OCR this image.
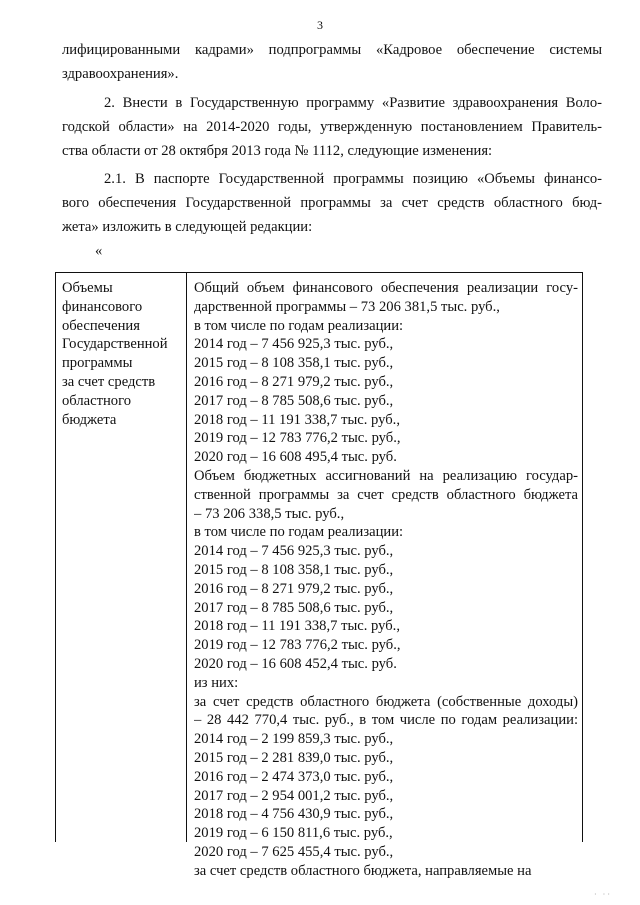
3
лифицированными кадрами» подпрограммы «Кадровое обеспечение системы
здравоохранения».
2. Внести в Государственную программу «Развитие здравоохранения Воло-
годской области» на 2014-2020 годы, утвержденную постановлением Правитель-
ства области от 28 октября 2013 года № 1112, следующие изменения:
2.1. В паспорте Государственной программы позицию «Объемы финансо-
вого обеспечения Государственной программы за счет средств областного бюд-
жета» изложить в следующей редакции:
«
Объемы
финансового
обеспечения
Государственной
программы
за счет средств
областного
бюджета
Общий объем финансового обеспечения реализации госу-
дарственной программы – 73 206 381,5 тыс. руб.,
в том числе по годам реализации:
2014 год – 7 456 925,3 тыс. руб.,
2015 год – 8 108 358,1 тыс. руб.,
2016 год – 8 271 979,2 тыс. руб.,
2017 год – 8 785 508,6 тыс. руб.,
2018 год – 11 191 338,7 тыс. руб.,
2019 год – 12 783 776,2 тыс. руб.,
2020 год – 16 608 495,4 тыс. руб.
Объем бюджетных ассигнований на реализацию государ-
ственной программы за счет средств областного бюджета
– 73 206 338,5 тыс. руб.,
в том числе по годам реализации:
2014 год – 7 456 925,3 тыс. руб.,
2015 год – 8 108 358,1 тыс. руб.,
2016 год – 8 271 979,2 тыс. руб.,
2017 год – 8 785 508,6 тыс. руб.,
2018 год – 11 191 338,7 тыс. руб.,
2019 год – 12 783 776,2 тыс. руб.,
2020 год – 16 608 452,4 тыс. руб.
из них:
за счет средств областного бюджета (собственные доходы)
– 28 442 770,4 тыс. руб., в том числе по годам реализации:
2014 год – 2 199 859,3 тыс. руб.,
2015 год – 2 281 839,0 тыс. руб.,
2016 год – 2 474 373,0 тыс. руб.,
2017 год – 2 954 001,2 тыс. руб.,
2018 год – 4 756 430,9 тыс. руб.,
2019 год – 6 150 811,6 тыс. руб.,
2020 год – 7 625 455,4 тыс. руб.,
за счет средств областного бюджета, направляемые на
· ··
